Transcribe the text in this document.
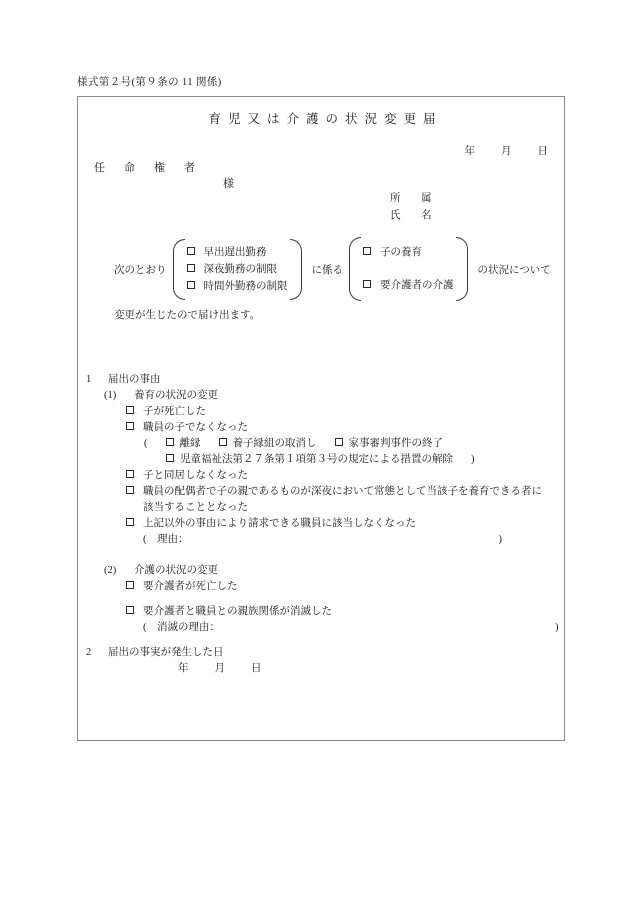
様式第２号(第９条の 11 関係)
育児又は介護の状況変更届
年 月 日
任　命　権　者
様
所　属
氏　名
次のとおり
早出遅出勤務
深夜勤務の制限
時間外勤務の制限
に係る
子の養育
要介護者の介護
の状況について
変更が生じたので届け出ます。
1 届出の事由
(1) 養育の状況の変更
子が死亡した
職員の子でなくなった
(	離縁	養子縁組の取消し	家事審判事件の終了
児童福祉法第２７条第１項第３号の規定による措置の解除 )
子と同居しなくなった
職員の配偶者で子の親であるものが深夜において常態として当該子を養育できる者に
該当することとなった
上記以外の事由により請求できる職員に該当しなくなった
(　理由：	)
(2) 介護の状況の変更
要介護者が死亡した
要介護者と職員との親族関係が消滅した
(　消滅の理由：	)
2 届出の事実が発生した日
年 月 日
